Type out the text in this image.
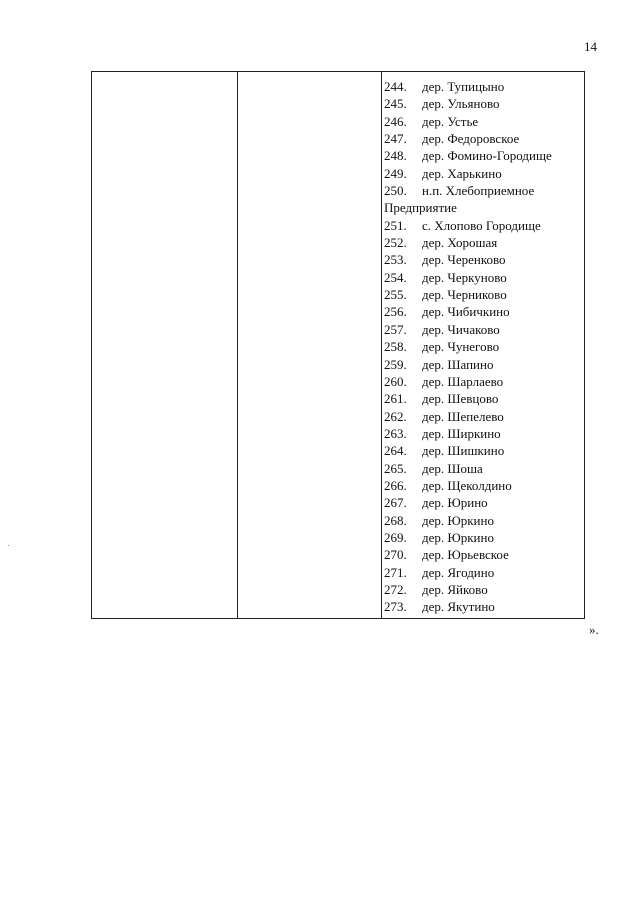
14
244. дер. Тупицыно
245. дер. Ульяново
246. дер. Устье
247. дер. Федоровское
248. дер. Фомино-Городище
249. дер. Харькино
250. н.п. Хлебоприемное
Предприятие
251. с. Хлопово Городище
252. дер. Хорошая
253. дер. Черенково
254. дер. Черкуново
255. дер. Черниково
256. дер. Чибичкино
257. дер. Чичаково
258. дер. Чунегово
259. дер. Шапино
260. дер. Шарлаево
261. дер. Шевцово
262. дер. Шепелево
263. дер. Ширкино
264. дер. Шишкино
265. дер. Шоша
266. дер. Щеколдино
267. дер. Юрино
268. дер. Юркино
269. дер. Юркино
270. дер. Юрьевское
271. дер. Ягодино
272. дер. Яйково
273. дер. Якутино
».
